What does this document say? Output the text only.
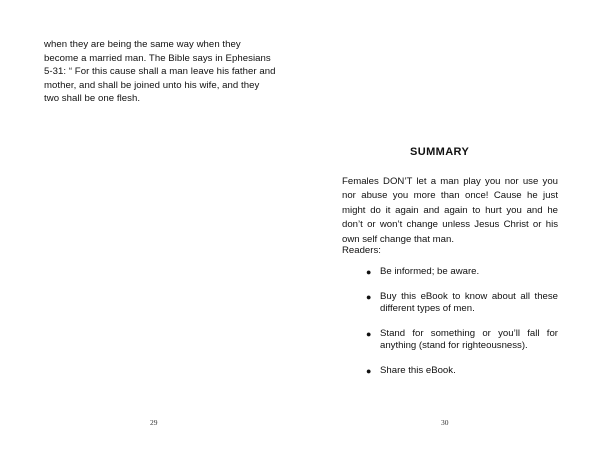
when they are being the same way when they become a married man. The Bible says in Ephesians 5-31: “ For this cause shall a man leave his father and mother, and shall be joined unto his wife, and they two shall be one flesh.

29
SUMMARY

Females DON’T let a man play you nor use you nor abuse you more than once! Cause he just might do it again and again to hurt you and he don’t or won’t change unless Jesus Christ or his own self change that man.

Readers:

● Be informed; be aware.
● Buy this eBook to know about all these different types of men.
● Stand for something or you’ll fall for anything (stand for righteousness).
● Share this eBook.
30
